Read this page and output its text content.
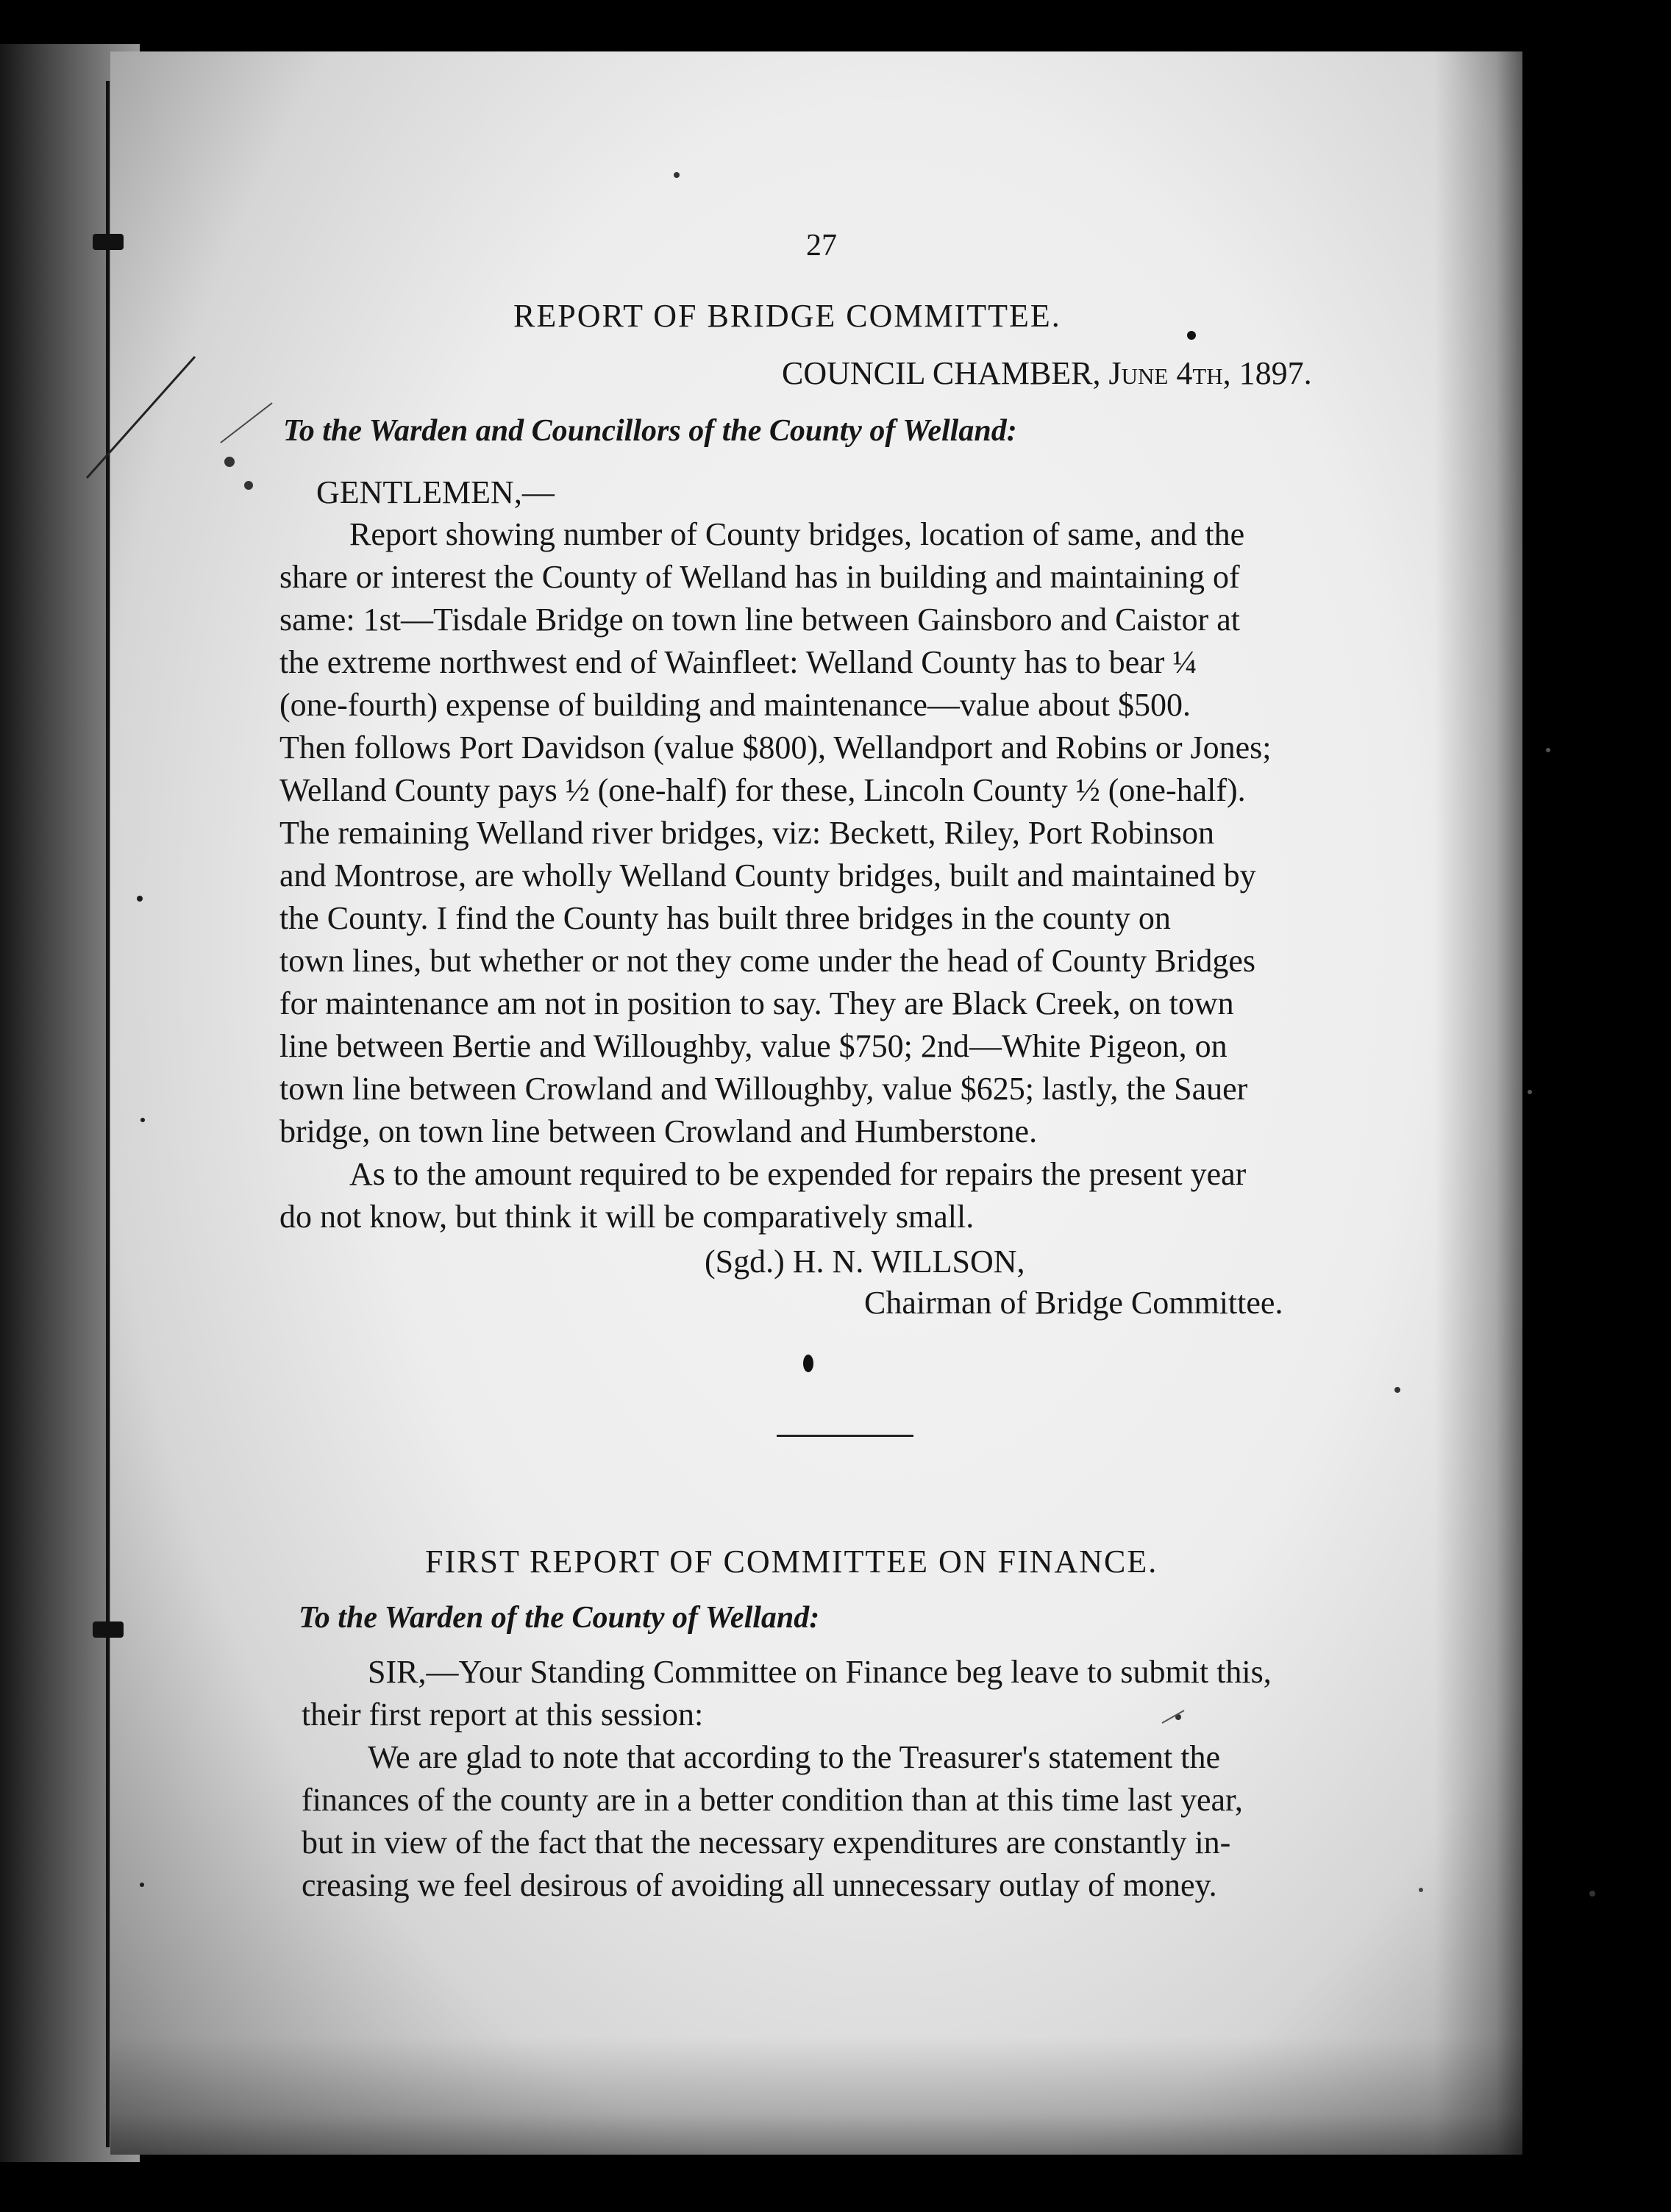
27
REPORT OF BRIDGE COMMITTEE.
COUNCIL CHAMBER, June 4th, 1897.
To the Warden and Councillors of the County of Welland:
GENTLEMEN,—
Report showing number of County bridges, location of same, and the
share or interest the County of Welland has in building and maintaining of
same: 1st—Tisdale Bridge on town line between Gainsboro and Caistor at
the extreme northwest end of Wainfleet: Welland County has to bear ¼
(one-fourth) expense of building and maintenance—value about $500.
Then follows Port Davidson (value $800), Wellandport and Robins or Jones;
Welland County pays ½ (one-half) for these, Lincoln County ½ (one-half).
The remaining Welland river bridges, viz: Beckett, Riley, Port Robinson
and Montrose, are wholly Welland County bridges, built and maintained by
the County. I find the County has built three bridges in the county on
town lines, but whether or not they come under the head of County Bridges
for maintenance am not in position to say. They are Black Creek, on town
line between Bertie and Willoughby, value $750; 2nd—White Pigeon, on
town line between Crowland and Willoughby, value $625; lastly, the Sauer
bridge, on town line between Crowland and Humberstone.
As to the amount required to be expended for repairs the present year
do not know, but think it will be comparatively small.
(Sgd.) H. N. WILLSON,
Chairman of Bridge Committee.
FIRST REPORT OF COMMITTEE ON FINANCE.
To the Warden of the County of Welland:
SIR,—Your Standing Committee on Finance beg leave to submit this,
their first report at this session:
We are glad to note that according to the Treasurer's statement the
finances of the county are in a better condition than at this time last year,
but in view of the fact that the necessary expenditures are constantly in-
creasing we feel desirous of avoiding all unnecessary outlay of money.
